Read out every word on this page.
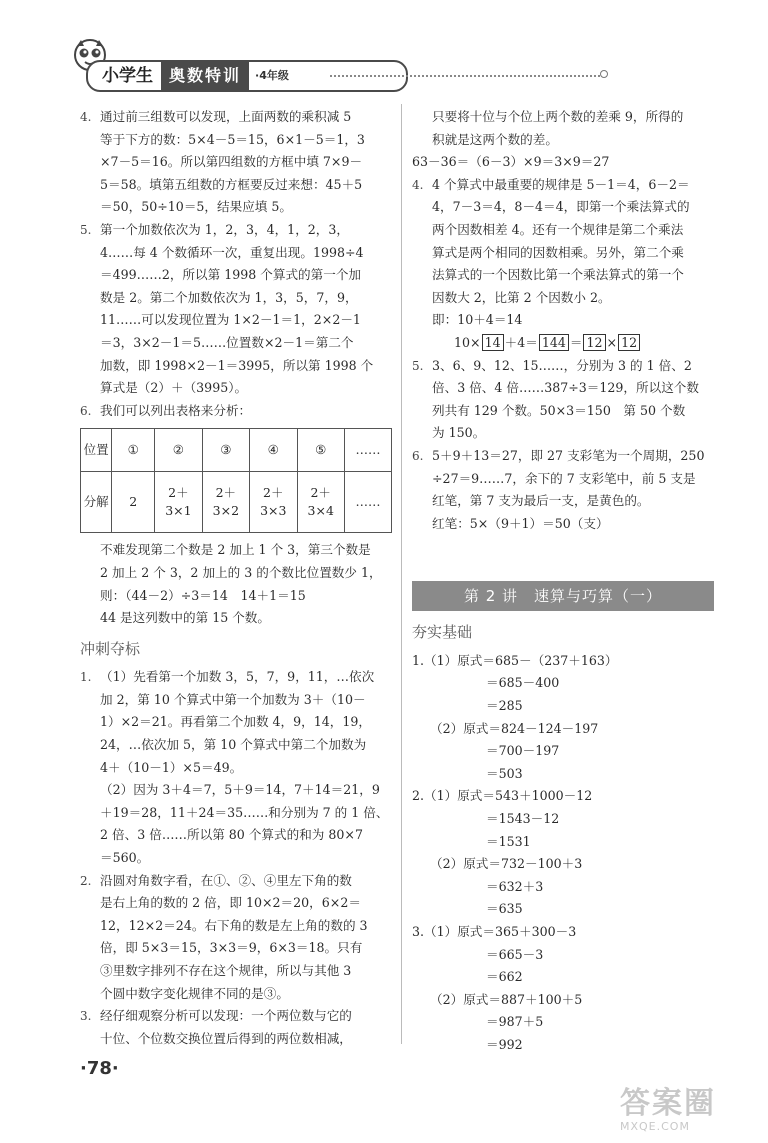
小学生	奥数特训	·4年级
4. 通过前三组数可以发现，上面两数的乘积减 5
等于下方的数：5×4－5＝15，6×1－5＝1，3
×7－5＝16。所以第四组数的方框中填 7×9－
5＝58。填第五组数的方框要反过来想：45＋5
＝50，50÷10＝5，结果应填 5。
5. 第一个加数依次为 1，2，3，4，1，2，3，
4……每 4 个数循环一次，重复出现。1998÷4
＝499……2，所以第 1998 个算式的第一个加
数是 2。第二个加数依次为 1，3，5，7，9，
11……可以发现位置为 1×2－1＝1，2×2－1
＝3，3×2－1＝5……位置数×2－1＝第二个
加数，即 1998×2－1＝3995，所以第 1998 个
算式是（2）＋（3995）。
6. 我们可以列出表格来分析：
位置	①	②	③	④	⑤	……
分解	2	2＋3×1	2＋3×2	2＋3×3	2＋3×4	……
不难发现第二个数是 2 加上 1 个 3，第三个数是
2 加上 2 个 3，2 加上的 3 的个数比位置数少 1，
则：（44－2）÷3＝14　14＋1＝15
44 是这列数中的第 15 个数。
冲刺夺标
1. （1）先看第一个加数 3，5，7，9，11，…依次
加 2，第 10 个算式中第一个加数为 3＋（10－
1）×2＝21。再看第二个加数 4，9，14，19，
24，…依次加 5，第 10 个算式中第二个加数为
4＋（10－1）×5＝49。
（2）因为 3＋4＝7，5＋9＝14，7＋14＝21，9
＋19＝28，11＋24＝35……和分别为 7 的 1 倍、
2 倍、3 倍……所以第 80 个算式的和为 80×7
＝560。
2. 沿圆对角数字看，在①、②、④里左下角的数
是右上角的数的 2 倍，即 10×2＝20，6×2＝
12，12×2＝24。右下角的数是左上角的数的 3
倍，即 5×3＝15，3×3＝9，6×3＝18。只有
③里数字排列不存在这个规律，所以与其他 3
个圆中数字变化规律不同的是③。
3. 经仔细观察分析可以发现：一个两位数与它的
十位、个位数交换位置后得到的两位数相减，
只要将十位与个位上两个数的差乘 9，所得的
积就是这两个数的差。
63－36＝（6－3）×9＝3×9＝27
4. 4 个算式中最重要的规律是 5－1＝4，6－2＝
4，7－3＝4，8－4＝4，即第一个乘法算式的
两个因数相差 4。还有一个规律是第二个乘法
算式是两个相同的因数相乘。另外，第二个乘
法算式的一个因数比第一个乘法算式的第一个
因数大 2，比第 2 个因数小 2。
即：10＋4＝14
10× 14 ＋4＝ 144 ＝ 12 × 12
5. 3、6、9、12、15……，分别为 3 的 1 倍、2
倍、3 倍、4 倍……387÷3＝129，所以这个数
列共有 129 个数。50×3＝150　第 50 个数
为 150。
6. 5＋9＋13＝27，即 27 支彩笔为一个周期，250
÷27＝9……7，余下的 7 支彩笔中，前 5 支是
红笔，第 7 支为最后一支，是黄色的。
红笔：5×（9＋1）＝50（支）
第 2 讲　速算与巧算（一）
夯实基础
1.（1）原式＝685－（237＋163）
＝685－400
＝285
（2）原式＝824－124－197
＝700－197
＝503
2.（1）原式＝543＋1000－12
＝1543－12
＝1531
（2）原式＝732－100＋3
＝632＋3
＝635
3.（1）原式＝365＋300－3
＝665－3
＝662
（2）原式＝887＋100＋5
＝987＋5
＝992
·78·
答案圈
MXQE.COM
